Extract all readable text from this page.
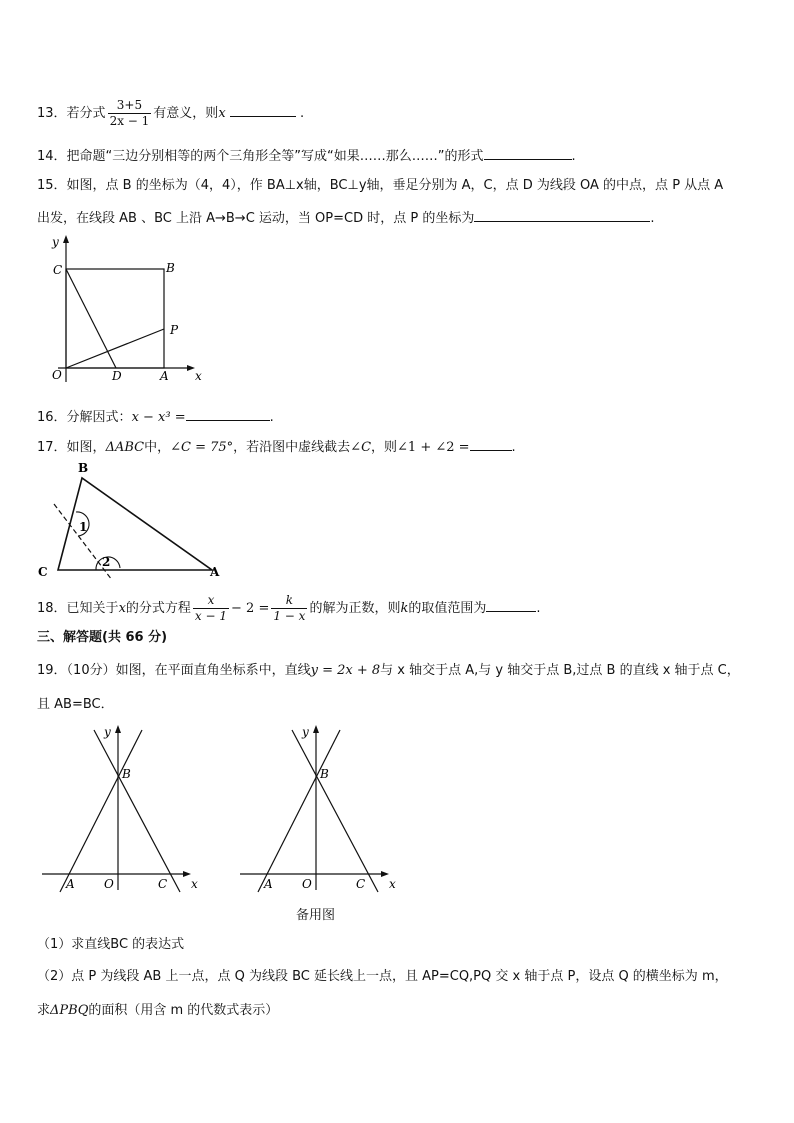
13．若分式 $\frac{3+5}{2x - 1}$ 有意义，则x	.
14．把命题“三边分别相等的两个三角形全等”写成“如果……那么……”的形式	.
15．如图，点 B 的坐标为（4，4），作 BA⊥x轴，BC⊥y轴，垂足分别为 A，C，点 D 为线段 OA 的中点，点 P 从点 A
出发，在线段 AB 、BC 上沿 A→B→C 运动，当 OP=CD 时，点 P 的坐标为	.
y
C	B
P
O	D	A x
16．分解因式：x − x³ =	.
17．如图，ΔABC中，∠C = 75°，若沿图中虚线截去∠C，则∠1 + ∠2 =	.
B
C	A
1
2
18．已知关于x的分式方程 $\frac{x}{x - 1} - 2 = \frac{k}{1 - x}$ 的解为正数，则k的取值范围为	.
三、解答题(共 66 分)
19．（10分）如图，在平面直角坐标系中，直线y = 2x + 8与 x 轴交于点 A,与 y 轴交于点 B,过点 B 的直线 x 轴于点 C，
且 AB=BC．
y
B
A O	C x
y
B
A O	C x
备用图
（1）求直线BC 的表达式
（2）点 P 为线段 AB 上一点，点 Q 为线段 BC 延长线上一点，且 AP=CQ,PQ 交 x 轴于点 P，设点 Q 的横坐标为 m，
求ΔPBQ的面积（用含 m 的代数式表示）
